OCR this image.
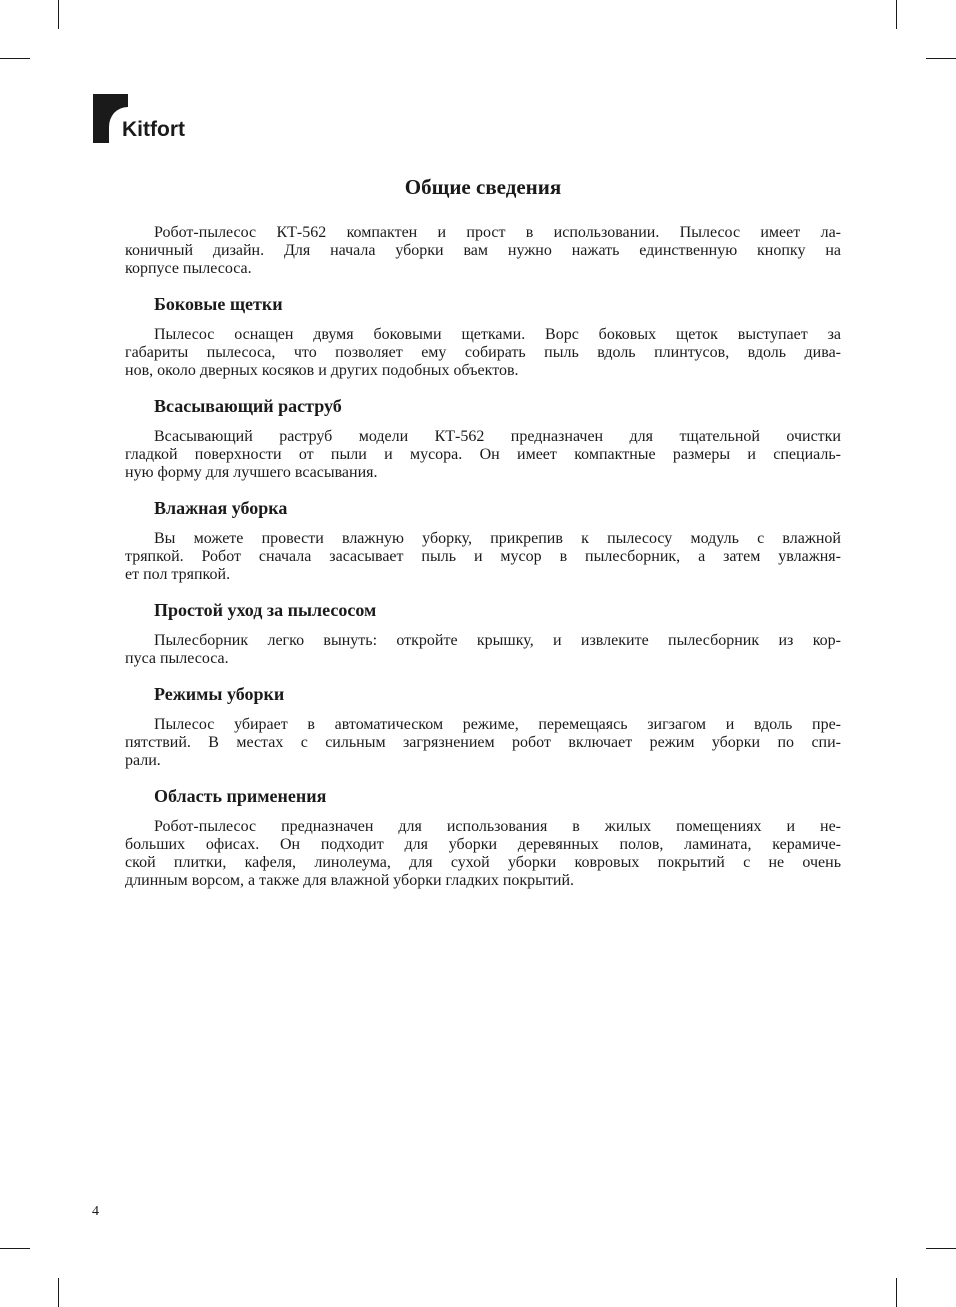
Kitfort
Общие сведения
Робот-пылесос КТ-562 компактен и прост в использовании. Пылесос имеет ла-
коничный дизайн. Для начала уборки вам нужно нажать единственную кнопку на
корпусе пылесоса.
Боковые щетки
Пылесос оснащен двумя боковыми щетками. Ворс боковых щеток выступает за
габариты пылесоса, что позволяет ему собирать пыль вдоль плинтусов, вдоль дива-
нов, около дверных косяков и других подобных объектов.
Всасывающий раструб
Всасывающий раструб модели КТ-562 предназначен для тщательной очистки
гладкой поверхности от пыли и мусора. Он имеет компактные размеры и специаль-
ную форму для лучшего всасывания.
Влажная уборка
Вы можете провести влажную уборку, прикрепив к пылесосу модуль с влажной
тряпкой. Робот сначала засасывает пыль и мусор в пылесборник, а затем увлажня-
ет пол тряпкой.
Простой уход за пылесосом
Пылесборник легко вынуть: откройте крышку, и извлеките пылесборник из кор-
пуса пылесоса.
Режимы уборки
Пылесос убирает в автоматическом режиме, перемещаясь зигзагом и вдоль пре-
пятствий. В местах с сильным загрязнением робот включает режим уборки по спи-
рали.
Область применения
Робот-пылесос предназначен для использования в жилых помещениях и не-
больших офисах. Он подходит для уборки деревянных полов, ламината, керамиче-
ской плитки, кафеля, линолеума, для сухой уборки ковровых покрытий с не очень
длинным ворсом, а также для влажной уборки гладких покрытий.
4
